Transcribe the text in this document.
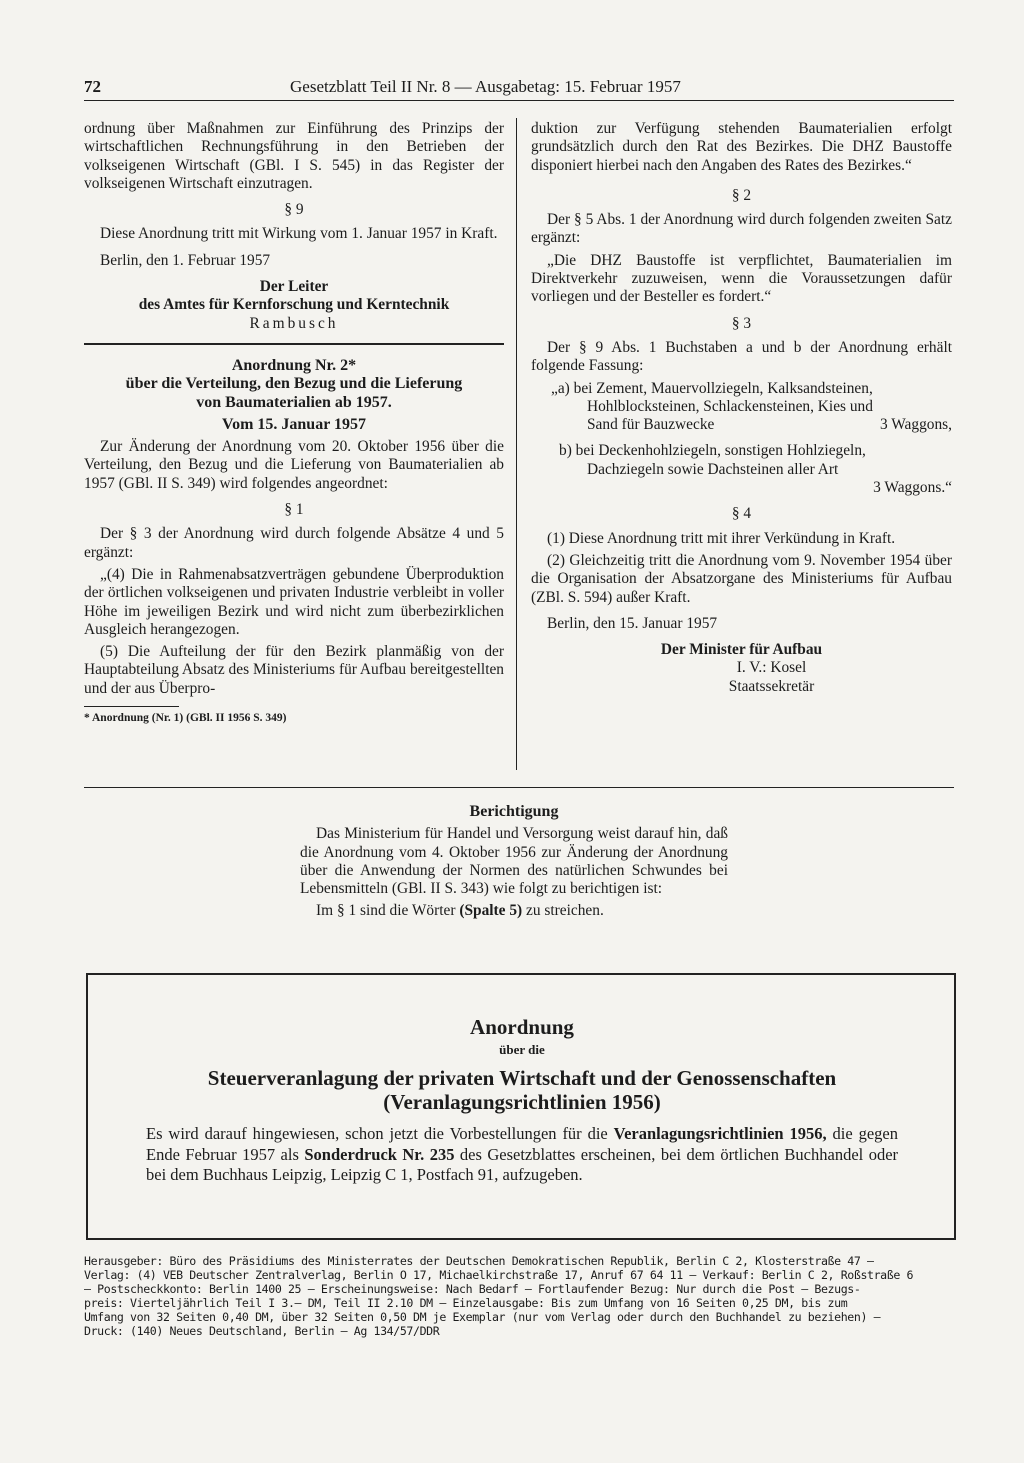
72	Gesetzblatt Teil II Nr. 8 — Ausgabetag: 15. Februar 1957

ordnung über Maßnahmen zur Einführung des Prinzips der wirtschaftlichen Rechnungsführung in den Betrieben der volkseigenen Wirtschaft (GBl. I S. 545) in das Register der volkseigenen Wirtschaft einzutragen.

§ 9

Diese Anordnung tritt mit Wirkung vom 1. Januar 1957 in Kraft.

Berlin, den 1. Februar 1957

Der Leiter
des Amtes für Kernforschung und Kerntechnik
Rambusch
Anordnung Nr. 2*
über die Verteilung, den Bezug und die Lieferung
von Baumaterialien ab 1957.
Vom 15. Januar 1957

Zur Änderung der Anordnung vom 20. Oktober 1956 über die Verteilung, den Bezug und die Lieferung von Baumaterialien ab 1957 (GBl. II S. 349) wird folgendes angeordnet:

§ 1

Der § 3 der Anordnung wird durch folgende Absätze 4 und 5 ergänzt:

„(4) Die in Rahmenabsatzverträgen gebundene Überproduktion der örtlichen volkseigenen und privaten Industrie verbleibt in voller Höhe im jeweiligen Bezirk und wird nicht zum überbezirklichen Ausgleich herangezogen.

(5) Die Aufteilung der für den Bezirk planmäßig von der Hauptabteilung Absatz des Ministeriums für Aufbau bereitgestellten und der aus Überpro-

* Anordnung (Nr. 1) (GBl. II 1956 S. 349)

duktion zur Verfügung stehenden Baumaterialien erfolgt grundsätzlich durch den Rat des Bezirkes. Die DHZ Baustoffe disponiert hierbei nach den Angaben des Rates des Bezirkes.“

§ 2

Der § 5 Abs. 1 der Anordnung wird durch folgenden zweiten Satz ergänzt:

„Die DHZ Baustoffe ist verpflichtet, Baumaterialien im Direktverkehr zuzuweisen, wenn die Voraussetzungen dafür vorliegen und der Besteller es fordert.“

§ 3

Der § 9 Abs. 1 Buchstaben a und b der Anordnung erhält folgende Fassung:

„a) bei Zement, Mauervollziegeln, Kalksandsteinen,
Hohlblocksteinen, Schlackensteinen, Kies und
Sand für Bauzwecke	3 Waggons,
b) bei Deckenhohlziegeln, sonstigen Hohlziegeln,
Dachziegeln sowie Dachsteinen aller Art
3 Waggons.“
§ 4

(1) Diese Anordnung tritt mit ihrer Verkündung in Kraft.

(2) Gleichzeitig tritt die Anordnung vom 9. November 1954 über die Organisation der Absatzorgane des Ministeriums für Aufbau (ZBl. S. 594) außer Kraft.

Berlin, den 15. Januar 1957

Der Minister für Aufbau
I. V.: Kosel
Staatssekretär
Berichtigung

Das Ministerium für Handel und Versorgung weist darauf hin, daß die Anordnung vom 4. Oktober 1956 zur Änderung der Anordnung über die Anwendung der Normen des natürlichen Schwundes bei Lebensmitteln (GBl. II S. 343) wie folgt zu berichtigen ist:

Im § 1 sind die Wörter (Spalte 5) zu streichen.

Anordnung
über die
Steuerveranlagung der privaten Wirtschaft und der Genossenschaften
(Veranlagungsrichtlinien 1956)

Es wird darauf hingewiesen, schon jetzt die Vorbestellungen für die Veranlagungsrichtlinien 1956, die gegen Ende Februar 1957 als Sonderdruck Nr. 235 des Gesetzblattes erscheinen, bei dem örtlichen Buchhandel oder bei dem Buchhaus Leipzig, Leipzig C 1, Postfach 91, aufzugeben.

Herausgeber: Büro des Präsidiums des Ministerrates der Deutschen Demokratischen Republik, Berlin C 2, Klosterstraße 47 —

Verlag: (4) VEB Deutscher Zentralverlag, Berlin O 17, Michaelkirchstraße 17, Anruf 67 64 11 — Verkauf: Berlin C 2, Roßstraße 6

— Postscheckkonto: Berlin 1400 25 — Erscheinungsweise: Nach Bedarf — Fortlaufender Bezug: Nur durch die Post — Bezugs-

preis: Vierteljährlich Teil I 3.— DM, Teil II 2.10 DM — Einzelausgabe: Bis zum Umfang von 16 Seiten 0,25 DM, bis zum

Umfang von 32 Seiten 0,40 DM, über 32 Seiten 0,50 DM je Exemplar (nur vom Verlag oder durch den Buchhandel zu beziehen) —

Druck: (140) Neues Deutschland, Berlin — Ag 134/57/DDR
